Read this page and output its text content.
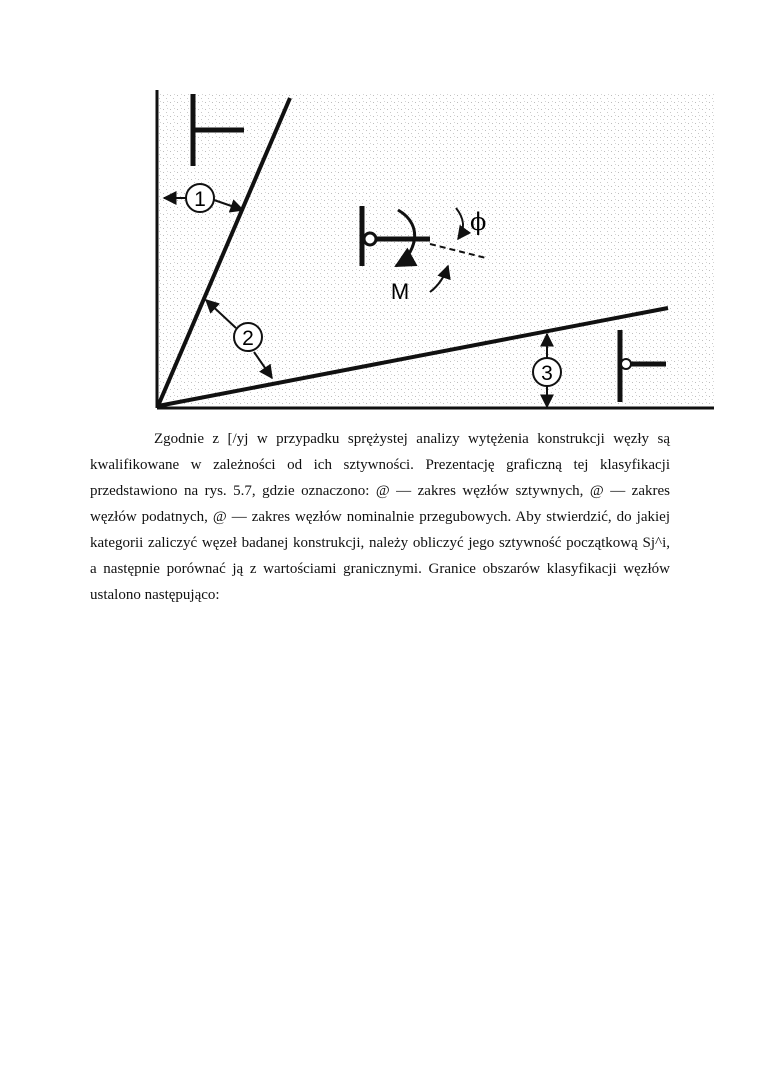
1
2
3
M
ϕ

Zgodnie z [/yj w przypadku sprężystej analizy wytężenia konstrukcji węzły są kwalifikowane w zależności od ich sztywności. Prezentację graficzną tej klasyfikacji przedstawiono na rys. 5.7, gdzie oznaczono: @ — zakres węzłów sztywnych, @ — zakres węzłów podatnych, @ — zakres węzłów nominalnie przegubowych. Aby stwierdzić, do jakiej kategorii zaliczyć węzeł badanej konstrukcji, należy obliczyć jego sztywność początkową Sj^i, a następnie porównać ją z wartościami granicznymi. Granice obszarów klasyfikacji węzłów ustalono następująco:
